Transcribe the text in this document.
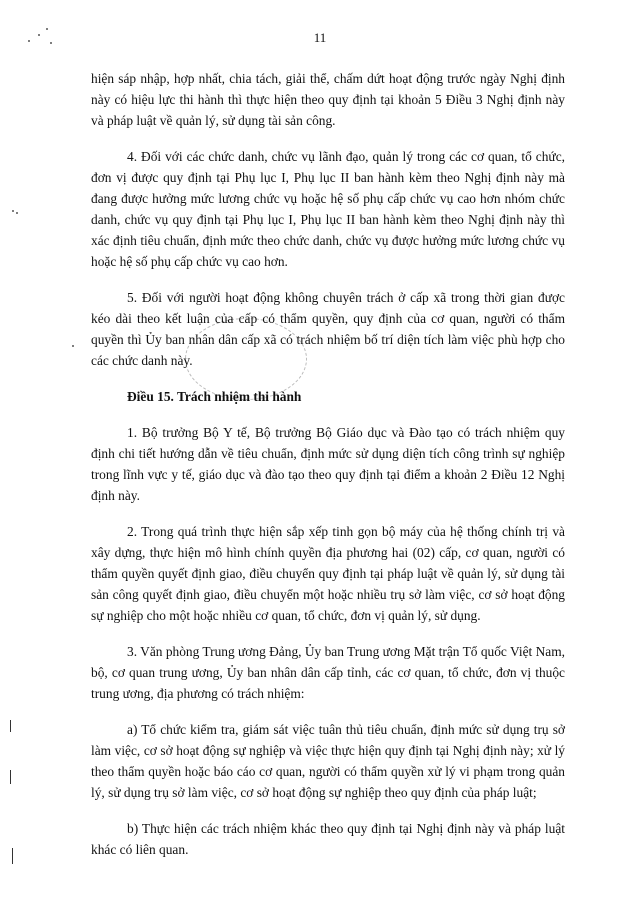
11

hiện sáp nhập, hợp nhất, chia tách, giải thể, chấm dứt hoạt động trước ngày Nghị định này có hiệu lực thi hành thì thực hiện theo quy định tại khoản 5 Điều 3 Nghị định này và pháp luật về quản lý, sử dụng tài sản công.

4. Đối với các chức danh, chức vụ lãnh đạo, quản lý trong các cơ quan, tổ chức, đơn vị được quy định tại Phụ lục I, Phụ lục II ban hành kèm theo Nghị định này mà đang được hưởng mức lương chức vụ hoặc hệ số phụ cấp chức vụ cao hơn nhóm chức danh, chức vụ quy định tại Phụ lục I, Phụ lục II ban hành kèm theo Nghị định này thì xác định tiêu chuẩn, định mức theo chức danh, chức vụ được hưởng mức lương chức vụ hoặc hệ số phụ cấp chức vụ cao hơn.

5. Đối với người hoạt động không chuyên trách ở cấp xã trong thời gian được kéo dài theo kết luận của cấp có thẩm quyền, quy định của cơ quan, người có thẩm quyền thì Ủy ban nhân dân cấp xã có trách nhiệm bố trí diện tích làm việc phù hợp cho các chức danh này.

Điều 15. Trách nhiệm thi hành

1. Bộ trưởng Bộ Y tế, Bộ trưởng Bộ Giáo dục và Đào tạo có trách nhiệm quy định chi tiết hướng dẫn về tiêu chuẩn, định mức sử dụng diện tích công trình sự nghiệp trong lĩnh vực y tế, giáo dục và đào tạo theo quy định tại điểm a khoản 2 Điều 12 Nghị định này.

2. Trong quá trình thực hiện sắp xếp tinh gọn bộ máy của hệ thống chính trị và xây dựng, thực hiện mô hình chính quyền địa phương hai (02) cấp, cơ quan, người có thẩm quyền quyết định giao, điều chuyển quy định tại pháp luật về quản lý, sử dụng tài sản công quyết định giao, điều chuyển một hoặc nhiều trụ sở làm việc, cơ sở hoạt động sự nghiệp cho một hoặc nhiều cơ quan, tổ chức, đơn vị quản lý, sử dụng.

3. Văn phòng Trung ương Đảng, Ủy ban Trung ương Mặt trận Tổ quốc Việt Nam, bộ, cơ quan trung ương, Ủy ban nhân dân cấp tỉnh, các cơ quan, tổ chức, đơn vị thuộc trung ương, địa phương có trách nhiệm:

a) Tổ chức kiểm tra, giám sát việc tuân thủ tiêu chuẩn, định mức sử dụng trụ sở làm việc, cơ sở hoạt động sự nghiệp và việc thực hiện quy định tại Nghị định này; xử lý theo thẩm quyền hoặc báo cáo cơ quan, người có thẩm quyền xử lý vi phạm trong quản lý, sử dụng trụ sở làm việc, cơ sở hoạt động sự nghiệp theo quy định của pháp luật;

b) Thực hiện các trách nhiệm khác theo quy định tại Nghị định này và pháp luật khác có liên quan.
